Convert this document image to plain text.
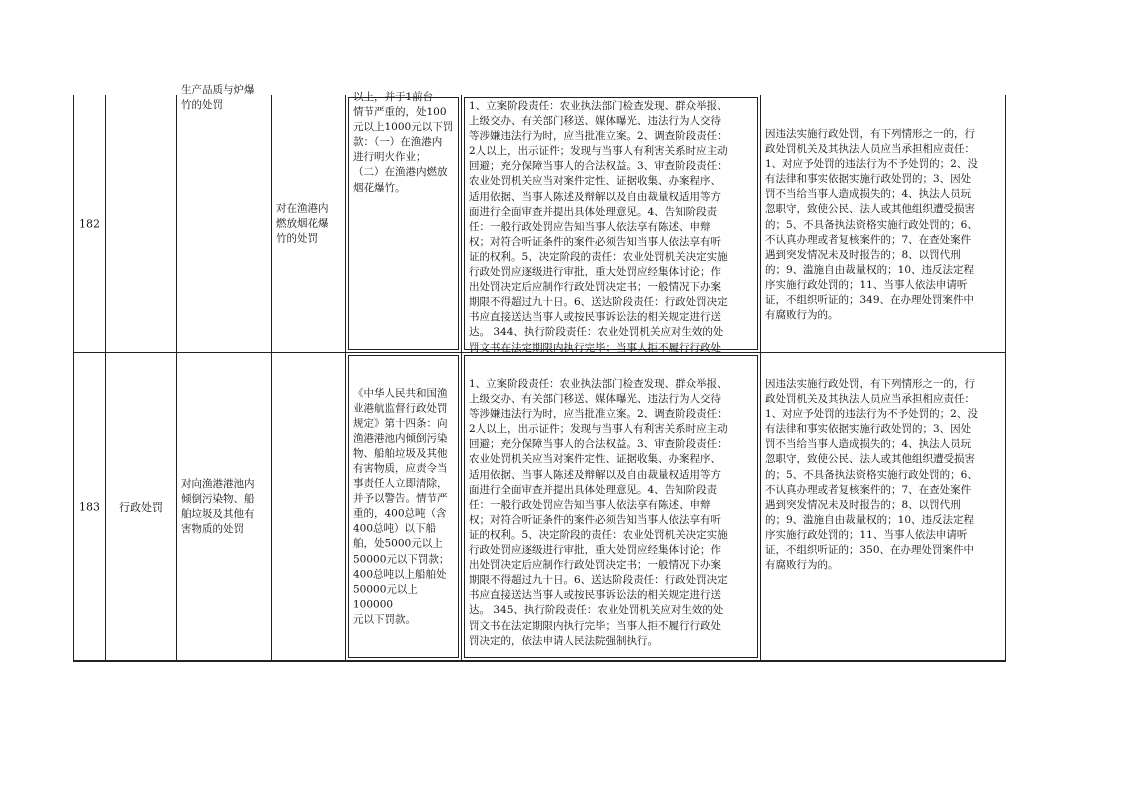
182
生产品质与炉爆
竹的处罚
对在渔港内
燃放烟花爆
竹的处罚
以上，并于1前台
情节严重的，处100
元以上1000元以下罚
款：（一）在渔港内
进行明火作业；
（二）在渔港内燃放
烟花爆竹。
1、立案阶段责任：农业执法部门检查发现、群众举报、
上级交办、有关部门移送、媒体曝光、违法行为人交待
等涉嫌违法行为时，应当批准立案。2、调查阶段责任：
2人以上，出示证件；发现与当事人有利害关系时应主动
回避；充分保障当事人的合法权益。3、审查阶段责任：
农业处罚机关应当对案件定性、证据收集、办案程序、
适用依据、当事人陈述及辩解以及自由裁量权适用等方
面进行全面审查并提出具体处理意见。4、告知阶段责
任：一般行政处罚应告知当事人依法享有陈述、申辩
权；对符合听证条件的案件必须告知当事人依法享有听
证的权利。5、决定阶段的责任：农业处罚机关决定实施
行政处罚应逐级进行审批，重大处罚应经集体讨论；作
出处罚决定后应制作行政处罚决定书；一般情况下办案
期限不得超过九十日。6、送达阶段责任：行政处罚决定
书应直接送达当事人或按民事诉讼法的相关规定进行送
达。 344、执行阶段责任：农业处罚机关应对生效的处
罚文书在法定期限内执行完毕；当事人拒不履行行政处
因违法实施行政处罚，有下列情形之一的，行
政处罚机关及其执法人员应当承担相应责任：
1、对应予处罚的违法行为不予处罚的；2、没
有法律和事实依据实施行政处罚的；3、因处
罚不当给当事人造成损失的；4、执法人员玩
忽职守，致使公民、法人或其他组织遭受损害
的；5、不具备执法资格实施行政处罚的；6、
不认真办理或者复核案件的；7、在查处案件
遇到突发情况未及时报告的；8、以罚代刑
的；9、滥施自由裁量权的；10、违反法定程
序实施行政处罚的；11、当事人依法申请听
证，不组织听证的；349、在办理处罚案件中
有腐败行为的。
183	行政处罚
对向渔港港池内
倾倒污染物、船
舶垃圾及其他有
害物质的处罚
《中华人民共和国渔
业港航监督行政处罚
规定》第十四条：向
渔港港池内倾倒污染
物、船舶垃圾及其他
有害物质，应责令当
事责任人立即清除，
并予以警告。情节严
重的，400总吨（含
400总吨）以下船
舶，处5000元以上
50000元以下罚款；
400总吨以上船舶处
50000元以上100000
元以下罚款。
1、立案阶段责任：农业执法部门检查发现、群众举报、
上级交办、有关部门移送、媒体曝光、违法行为人交待
等涉嫌违法行为时，应当批准立案。2、调查阶段责任：
2人以上，出示证件；发现与当事人有利害关系时应主动
回避；充分保障当事人的合法权益。3、审查阶段责任：
农业处罚机关应当对案件定性、证据收集、办案程序、
适用依据、当事人陈述及辩解以及自由裁量权适用等方
面进行全面审查并提出具体处理意见。4、告知阶段责
任：一般行政处罚应告知当事人依法享有陈述、申辩
权；对符合听证条件的案件必须告知当事人依法享有听
证的权利。5、决定阶段的责任：农业处罚机关决定实施
行政处罚应逐级进行审批，重大处罚应经集体讨论；作
出处罚决定后应制作行政处罚决定书；一般情况下办案
期限不得超过九十日。6、送达阶段责任：行政处罚决定
书应直接送达当事人或按民事诉讼法的相关规定进行送
达。 345、执行阶段责任：农业处罚机关应对生效的处
罚文书在法定期限内执行完毕；当事人拒不履行行政处
罚决定的，依法申请人民法院强制执行。
因违法实施行政处罚，有下列情形之一的，行
政处罚机关及其执法人员应当承担相应责任：
1、对应予处罚的违法行为不予处罚的；2、没
有法律和事实依据实施行政处罚的；3、因处
罚不当给当事人造成损失的；4、执法人员玩
忽职守，致使公民、法人或其他组织遭受损害
的；5、不具备执法资格实施行政处罚的；6、
不认真办理或者复核案件的；7、在查处案件
遇到突发情况未及时报告的；8、以罚代刑
的；9、滥施自由裁量权的；10、违反法定程
序实施行政处罚的；11、当事人依法申请听
证，不组织听证的；350、在办理处罚案件中
有腐败行为的。
